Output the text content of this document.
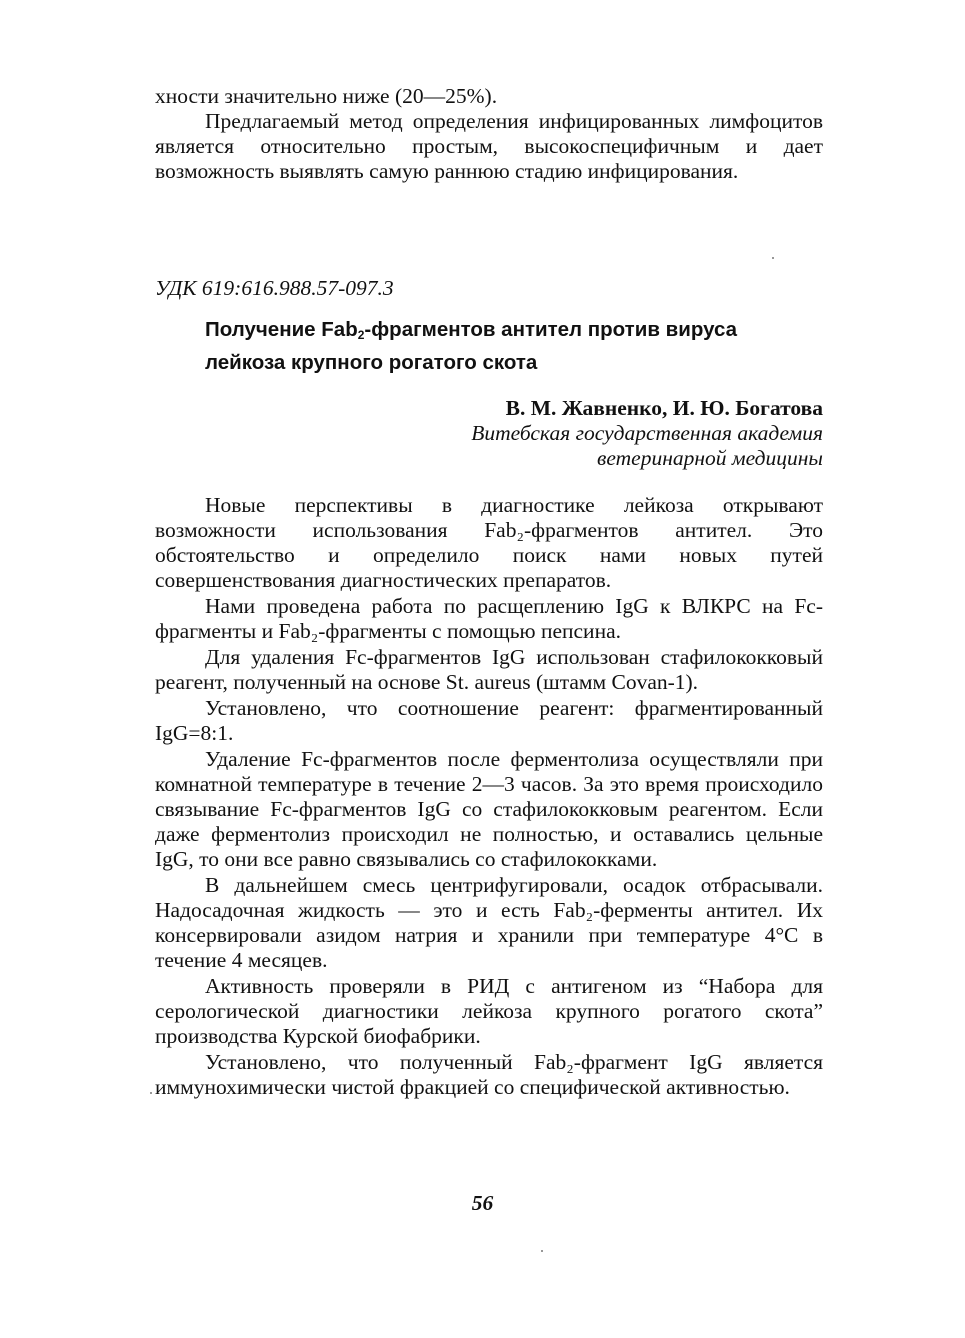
хности значительно ниже (20—25%).

Предлагаемый метод определения инфицированных лимфоцитов является относительно простым, высокоспецифичным и дает возможность выявлять самую раннюю стадию инфицирования.

УДК 619:616.988.57-097.3
Получение Fab$_2$-фрагментов антител против вируса
лейкоза крупного рогатого скота
В. М. Жавненко, И. Ю. Богатова
Витебская государственная академия
ветеринарной медицины

Новые перспективы в диагностике лейкоза открывают возможности использования Fab₂-фрагментов антител. Это обстоятельство и определило поиск нами новых путей совершенствования диагностических препаратов.

Нами проведена работа по расщеплению IgG к ВЛКРС на Fc-фрагменты и Fab₂-фрагменты с помощью пепсина.

Для удаления Fc-фрагментов IgG использован стафилококковый реагент, полученный на основе St. aureus (штамм Covan-1).

Установлено, что соотношение реагент: фрагментированный IgG=8:1.

Удаление Fc-фрагментов после ферментолиза осуществляли при комнатной температуре в течение 2—3 часов. За это время происходило связывание Fc-фрагментов IgG со стафилококковым реагентом. Если даже ферментолиз происходил не полностью, и оставались цельные IgG, то они все равно связывались со стафилококками.

В дальнейшем смесь центрифугировали, осадок отбрасывали. Надосадочная жидкость — это и есть Fab₂-ферменты антител. Их консервировали азидом натрия и хранили при температуре 4°С в течение 4 месяцев.

Активность проверяли в РИД с антигеном из “Набора для серологической диагностики лейкоза крупного рогатого скота” производства Курской биофабрики.

Установлено, что полученный Fab₂-фрагмент IgG является иммунохимически чистой фракцией со специфической активностью.

56
